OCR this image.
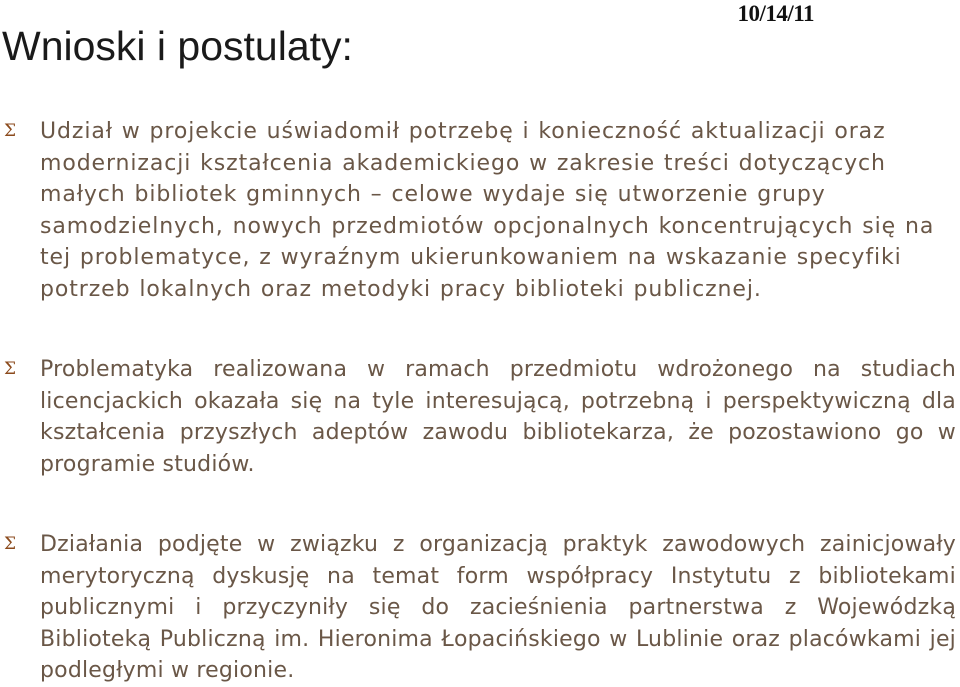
Wnioski i postulaty:
10/14/11
Σ Udział w projekcie uświadomił potrzebę i konieczność aktualizacji oraz modernizacji kształcenia akademickiego w zakresie treści dotyczących małych bibliotek gminnych – celowe wydaje się utworzenie grupy samodzielnych, nowych przedmiotów opcjonalnych koncentrujących się na tej problematyce, z wyraźnym ukierunkowaniem na wskazanie specyfiki potrzeb lokalnych oraz metodyki pracy biblioteki publicznej.

Σ Problematyka realizowana w ramach przedmiotu wdrożonego na studiach licencjackich okazała się na tyle interesującą, potrzebną i perspektywiczną dla kształcenia przyszłych adeptów zawodu bibliotekarza, że pozostawiono go w programie studiów.

Σ Działania podjęte w związku z organizacją praktyk zawodowych zainicjowały merytoryczną dyskusję na temat form współpracy Instytutu z bibliotekami publicznymi i przyczyniły się do zacieśnienia partnerstwa z Wojewódzką Biblioteką Publiczną im. Hieronima Łopacińskiego w Lublinie oraz placówkami jej podległymi w regionie.
